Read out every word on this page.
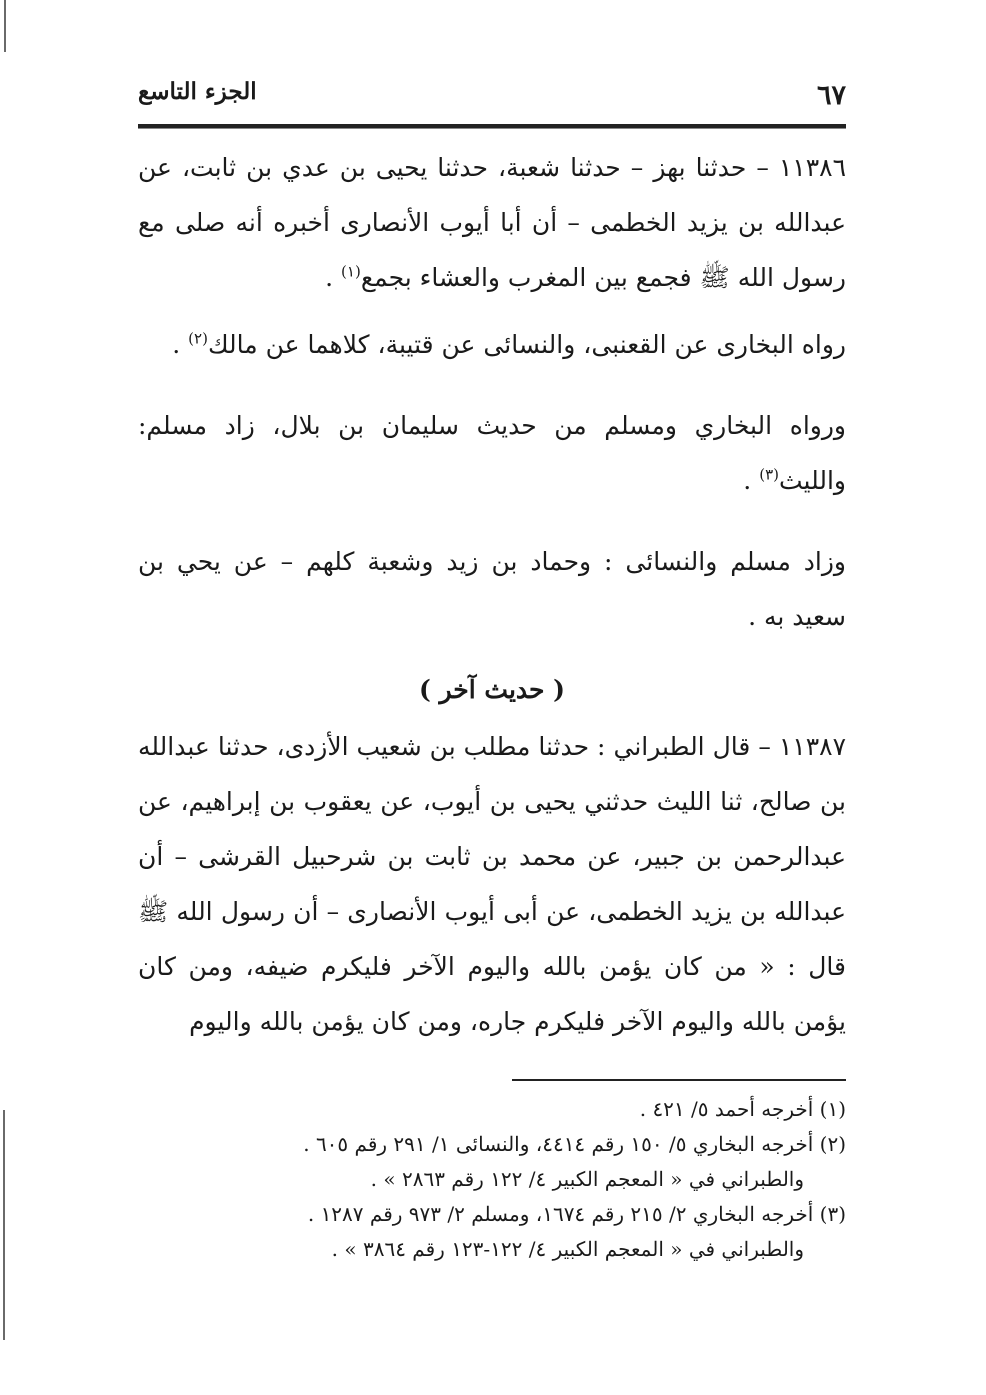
الجزء التاسع	٦٧

١١٣٨٦ – حدثنا بهز – حدثنا شعبة، حدثنا يحيى بن عدي بن ثابت، عن عبدالله بن يزيد الخطمى – أن أبا أيوب الأنصارى أخبره أنه صلى مع رسول الله ﷺ فجمع بين المغرب والعشاء بجمع$^{(١)}$ .

رواه البخارى عن القعنبى، والنسائى عن قتيبة، كلاهما عن مالك$^{(٢)}$ .

ورواه البخاري ومسلم من حديث سليمان بن بلال، زاد مسلم: والليث$^{(٣)}$ .

وزاد مسلم والنسائى : وحماد بن زيد وشعبة كلهم – عن يحي بن سعيد به .

( حديث آخر )

١١٣٨٧ – قال الطبراني : حدثنا مطلب بن شعيب الأزدى، حدثنا عبدالله بن صالح، ثنا الليث حدثني يحيى بن أيوب، عن يعقوب بن إبراهيم، عن عبدالرحمن بن جبير، عن محمد بن ثابت بن شرحبيل القرشى – أن عبدالله بن يزيد الخطمى، عن أبى أيوب الأنصارى – أن رسول الله ﷺ قال : « من كان يؤمن بالله واليوم الآخر فليكرم ضيفه، ومن كان يؤمن بالله واليوم الآخر فليكرم جاره، ومن كان يؤمن بالله واليوم

(١) أخرجه أحمد ٥/ ٤٢١ .

(٢) أخرجه البخاري ٥/ ١٥٠ رقم ٤٤١٤، والنسائى ١/ ٢٩١ رقم ٦٠٥ .

والطبراني في « المعجم الكبير ٤/ ١٢٢ رقم ٢٨٦٣ » .

(٣) أخرجه البخاري ٢/ ٢١٥ رقم ١٦٧٤، ومسلم ٢/ ٩٧٣ رقم ١٢٨٧ .

والطبراني في « المعجم الكبير ٤/ ١٢٢-١٢٣ رقم ٣٨٦٤ » .
